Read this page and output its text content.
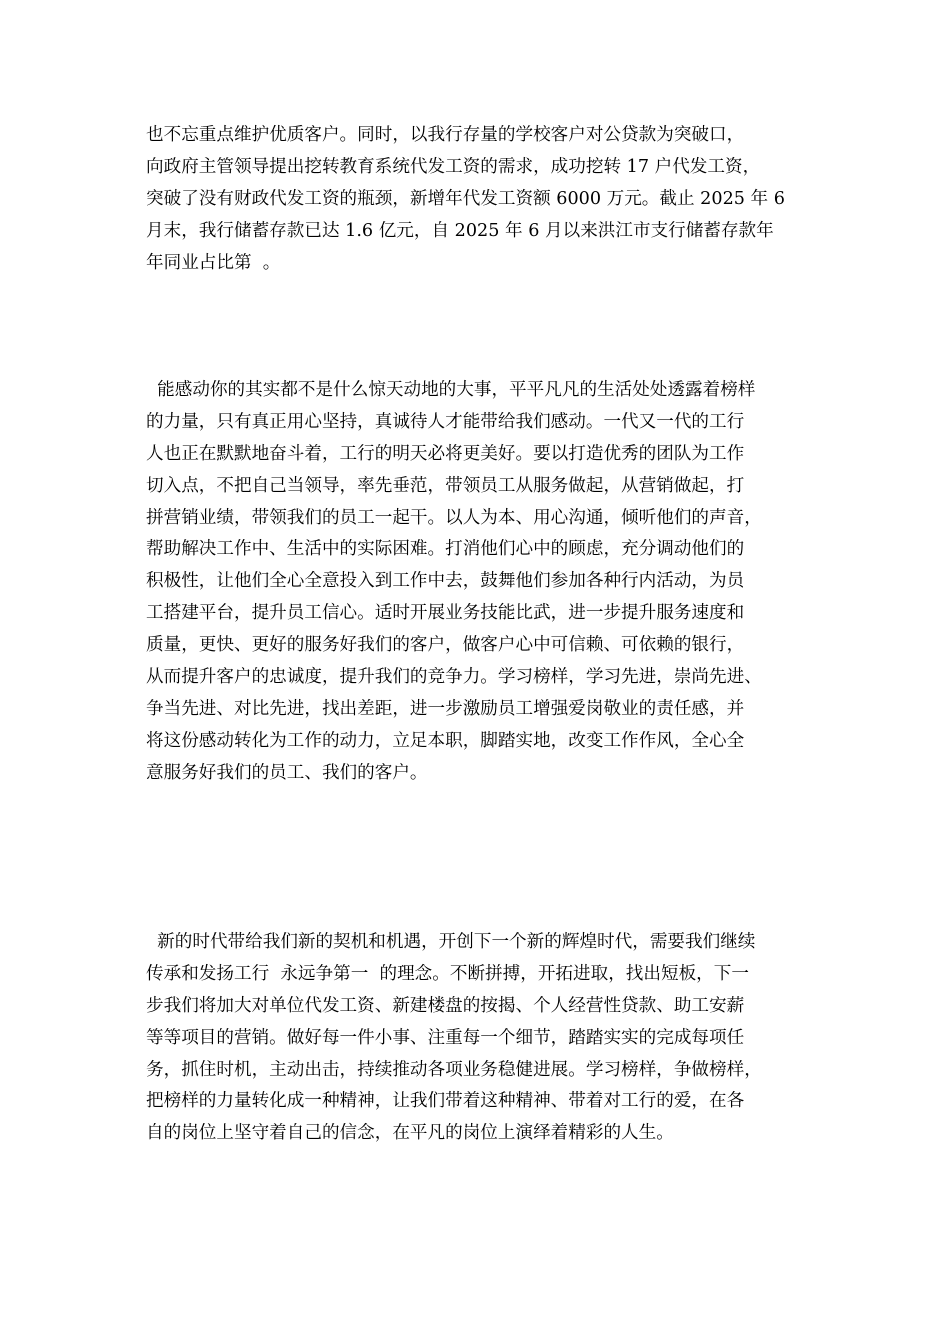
也不忘重点维护优质客户。同时，以我行存量的学校客户对公贷款为突破口，
向政府主管领导提出挖转教育系统代发工资的需求，成功挖转 17 户代发工资，
突破了没有财政代发工资的瓶颈，新增年代发工资额 6000 万元。截止 2025 年 6
月末，我行储蓄存款已达 1.6 亿元，自 2025 年 6 月以来洪江市支行储蓄存款年
年同业占比第  。
能感动你的其实都不是什么惊天动地的大事，平平凡凡的生活处处透露着榜样
的力量，只有真正用心坚持，真诚待人才能带给我们感动。一代又一代的工行
人也正在默默地奋斗着，工行的明天必将更美好。要以打造优秀的团队为工作
切入点，不把自己当领导，率先垂范，带领员工从服务做起，从营销做起，打
拼营销业绩，带领我们的员工一起干。以人为本、用心沟通，倾听他们的声音，
帮助解决工作中、生活中的实际困难。打消他们心中的顾虑，充分调动他们的
积极性，让他们全心全意投入到工作中去，鼓舞他们参加各种行内活动，为员
工搭建平台，提升员工信心。适时开展业务技能比武，进一步提升服务速度和
质量，更快、更好的服务好我们的客户，做客户心中可信赖、可依赖的银行，
从而提升客户的忠诚度，提升我们的竞争力。学习榜样，学习先进，崇尚先进、
争当先进、对比先进，找出差距，进一步激励员工增强爱岗敬业的责任感，并
将这份感动转化为工作的动力，立足本职，脚踏实地，改变工作作风，全心全
意服务好我们的员工、我们的客户。
新的时代带给我们新的契机和机遇，开创下一个新的辉煌时代，需要我们继续
传承和发扬工行  永远争第一  的理念。不断拼搏，开拓进取，找出短板，下一
步我们将加大对单位代发工资、新建楼盘的按揭、个人经营性贷款、助工安薪
等等项目的营销。做好每一件小事、注重每一个细节，踏踏实实的完成每项任
务，抓住时机，主动出击，持续推动各项业务稳健进展。学习榜样，争做榜样，
把榜样的力量转化成一种精神，让我们带着这种精神、带着对工行的爱，在各
自的岗位上坚守着自己的信念，在平凡的岗位上演绎着精彩的人生。
